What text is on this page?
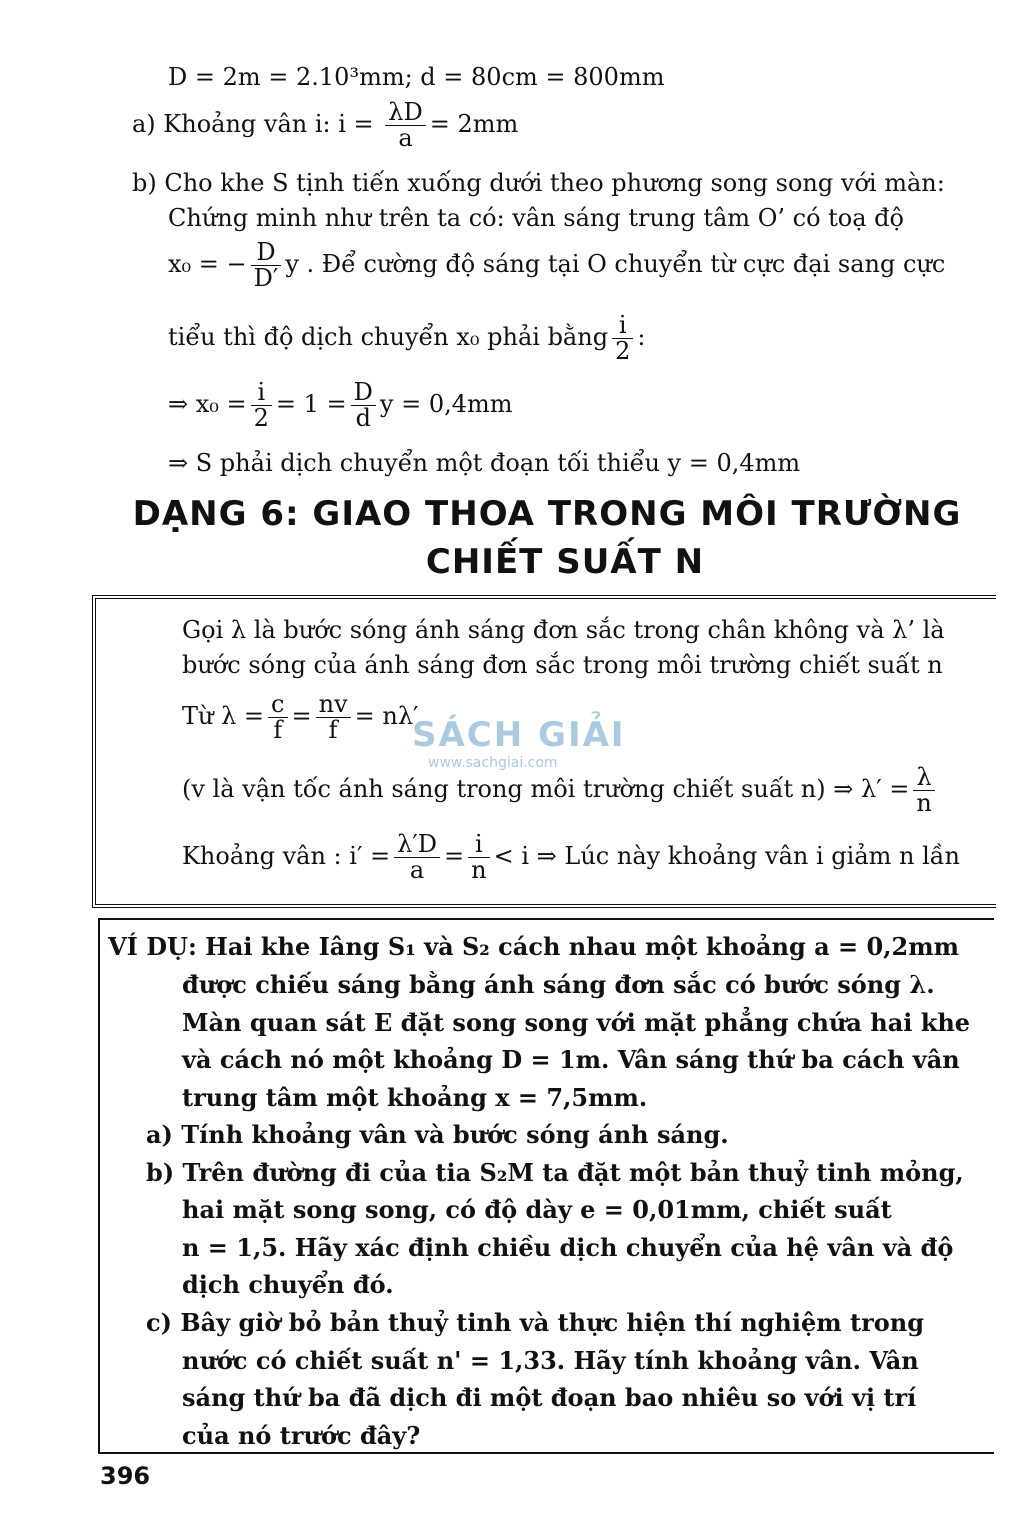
D = 2m = 2.10³mm; d = 80cm = 800mm
a) Khoảng vân i: $i = \frac{\lambda D}{a} = 2mm$
b) Cho khe S tịnh tiến xuống dưới theo phương song song với màn:
Chứng minh như trên ta có: vân sáng trung tâm O’ có toạ độ
x₀ = − $\frac{D}{D'}$ y . Để cường độ sáng tại O chuyển từ cực đại sang cực
tiểu thì độ dịch chuyển x₀ phải bằng $\frac{i}{2}$ :
⇒ $x_0 = \frac{i}{2} = 1 = \frac{D}{d}$ y = 0,4mm
⇒ S phải dịch chuyển một đoạn tối thiểu y = 0,4mm
DẠNG 6: GIAO THOA TRONG MÔI TRƯỜNG
CHIẾT SUẤT N
Gọi λ là bước sóng ánh sáng đơn sắc trong chân không và λ’ là
bước sóng của ánh sáng đơn sắc trong môi trường chiết suất n
Từ $\lambda = \frac{c}{f} = \frac{nv}{f} = n\lambda'$
(v là vận tốc ánh sáng trong môi trường chiết suất n) ⇒ $\lambda' = \frac{\lambda}{n}$
Khoảng vân : $i' = \frac{\lambda'D}{a} = \frac{i}{n} < i$ ⇒ Lúc này khoảng vân i giảm n lần
SÁCH GIẢI
www.sachgiai.com
VÍ DỤ: Hai khe Iâng S₁ và S₂ cách nhau một khoảng a = 0,2mm
được chiếu sáng bằng ánh sáng đơn sắc có bước sóng λ.
Màn quan sát E đặt song song với mặt phẳng chứa hai khe
và cách nó một khoảng D = 1m. Vân sáng thứ ba cách vân
trung tâm một khoảng x = 7,5mm.
a) Tính khoảng vân và bước sóng ánh sáng.
b) Trên đường đi của tia S₂M ta đặt một bản thuỷ tinh mỏng,
hai mặt song song, có độ dày e = 0,01mm, chiết suất
n = 1,5. Hãy xác định chiều dịch chuyển của hệ vân và độ
dịch chuyển đó.
c) Bây giờ bỏ bản thuỷ tinh và thực hiện thí nghiệm trong
nước có chiết suất n' = 1,33. Hãy tính khoảng vân. Vân
sáng thứ ba đã dịch đi một đoạn bao nhiêu so với vị trí
của nó trước đây?
396
